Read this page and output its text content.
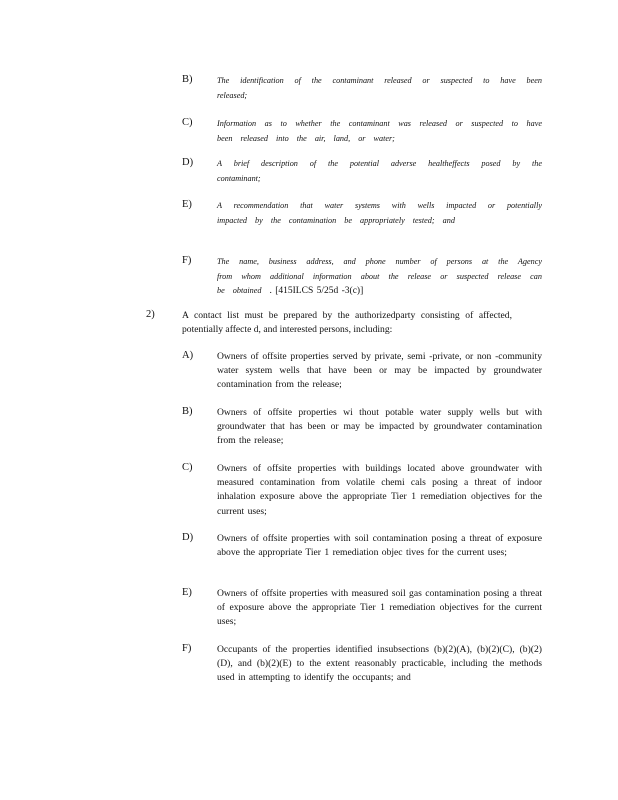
B)	The identification of the contaminant released or suspected to have been released;
C)	Information as to whether the contaminant was released or suspected to have been released into the air, land, or water;
D)	A brief description of the potential adverse healtheffects posed by the contaminant;
E)	A recommendation that water systems with wells impacted or potentially impacted by the contamination be appropriately tested; and
F)	The name, business address, and phone number of persons at the Agency from whom additional information about the release or suspected release can be obtained . [415ILCS 5/25d -3(c)]
2)	A contact list must be prepared by the authorizedparty consisting of affected, potentially affecte d, and interested persons, including:
A) Owners of offsite properties served by private, semi -private, or non -community water system wells that have been or may be impacted by groundwater contamination from the release;
B)	Owners of offsite properties wi thout potable water supply wells but with groundwater that has been or may be impacted by groundwater contamination from the release;
C)	Owners of offsite properties with buildings located above groundwater with measured contamination from volatile chemi cals posing a threat of indoor inhalation exposure above the appropriate Tier 1 remediation objectives for the current uses;
D) Owners of offsite properties with soil contamination posing a threat of exposure above the appropriate Tier 1 remediation objec tives for the current uses;
E)	Owners of offsite properties with measured soil gas contamination posing a threat of exposure above the appropriate Tier 1 remediation objectives for the current uses;
F)	Occupants of the properties identified insubsections (b)(2)(A), (b)(2)(C), (b)(2)(D), and (b)(2)(E) to the extent reasonably practicable, including the methods used in attempting to identify the occupants; and
